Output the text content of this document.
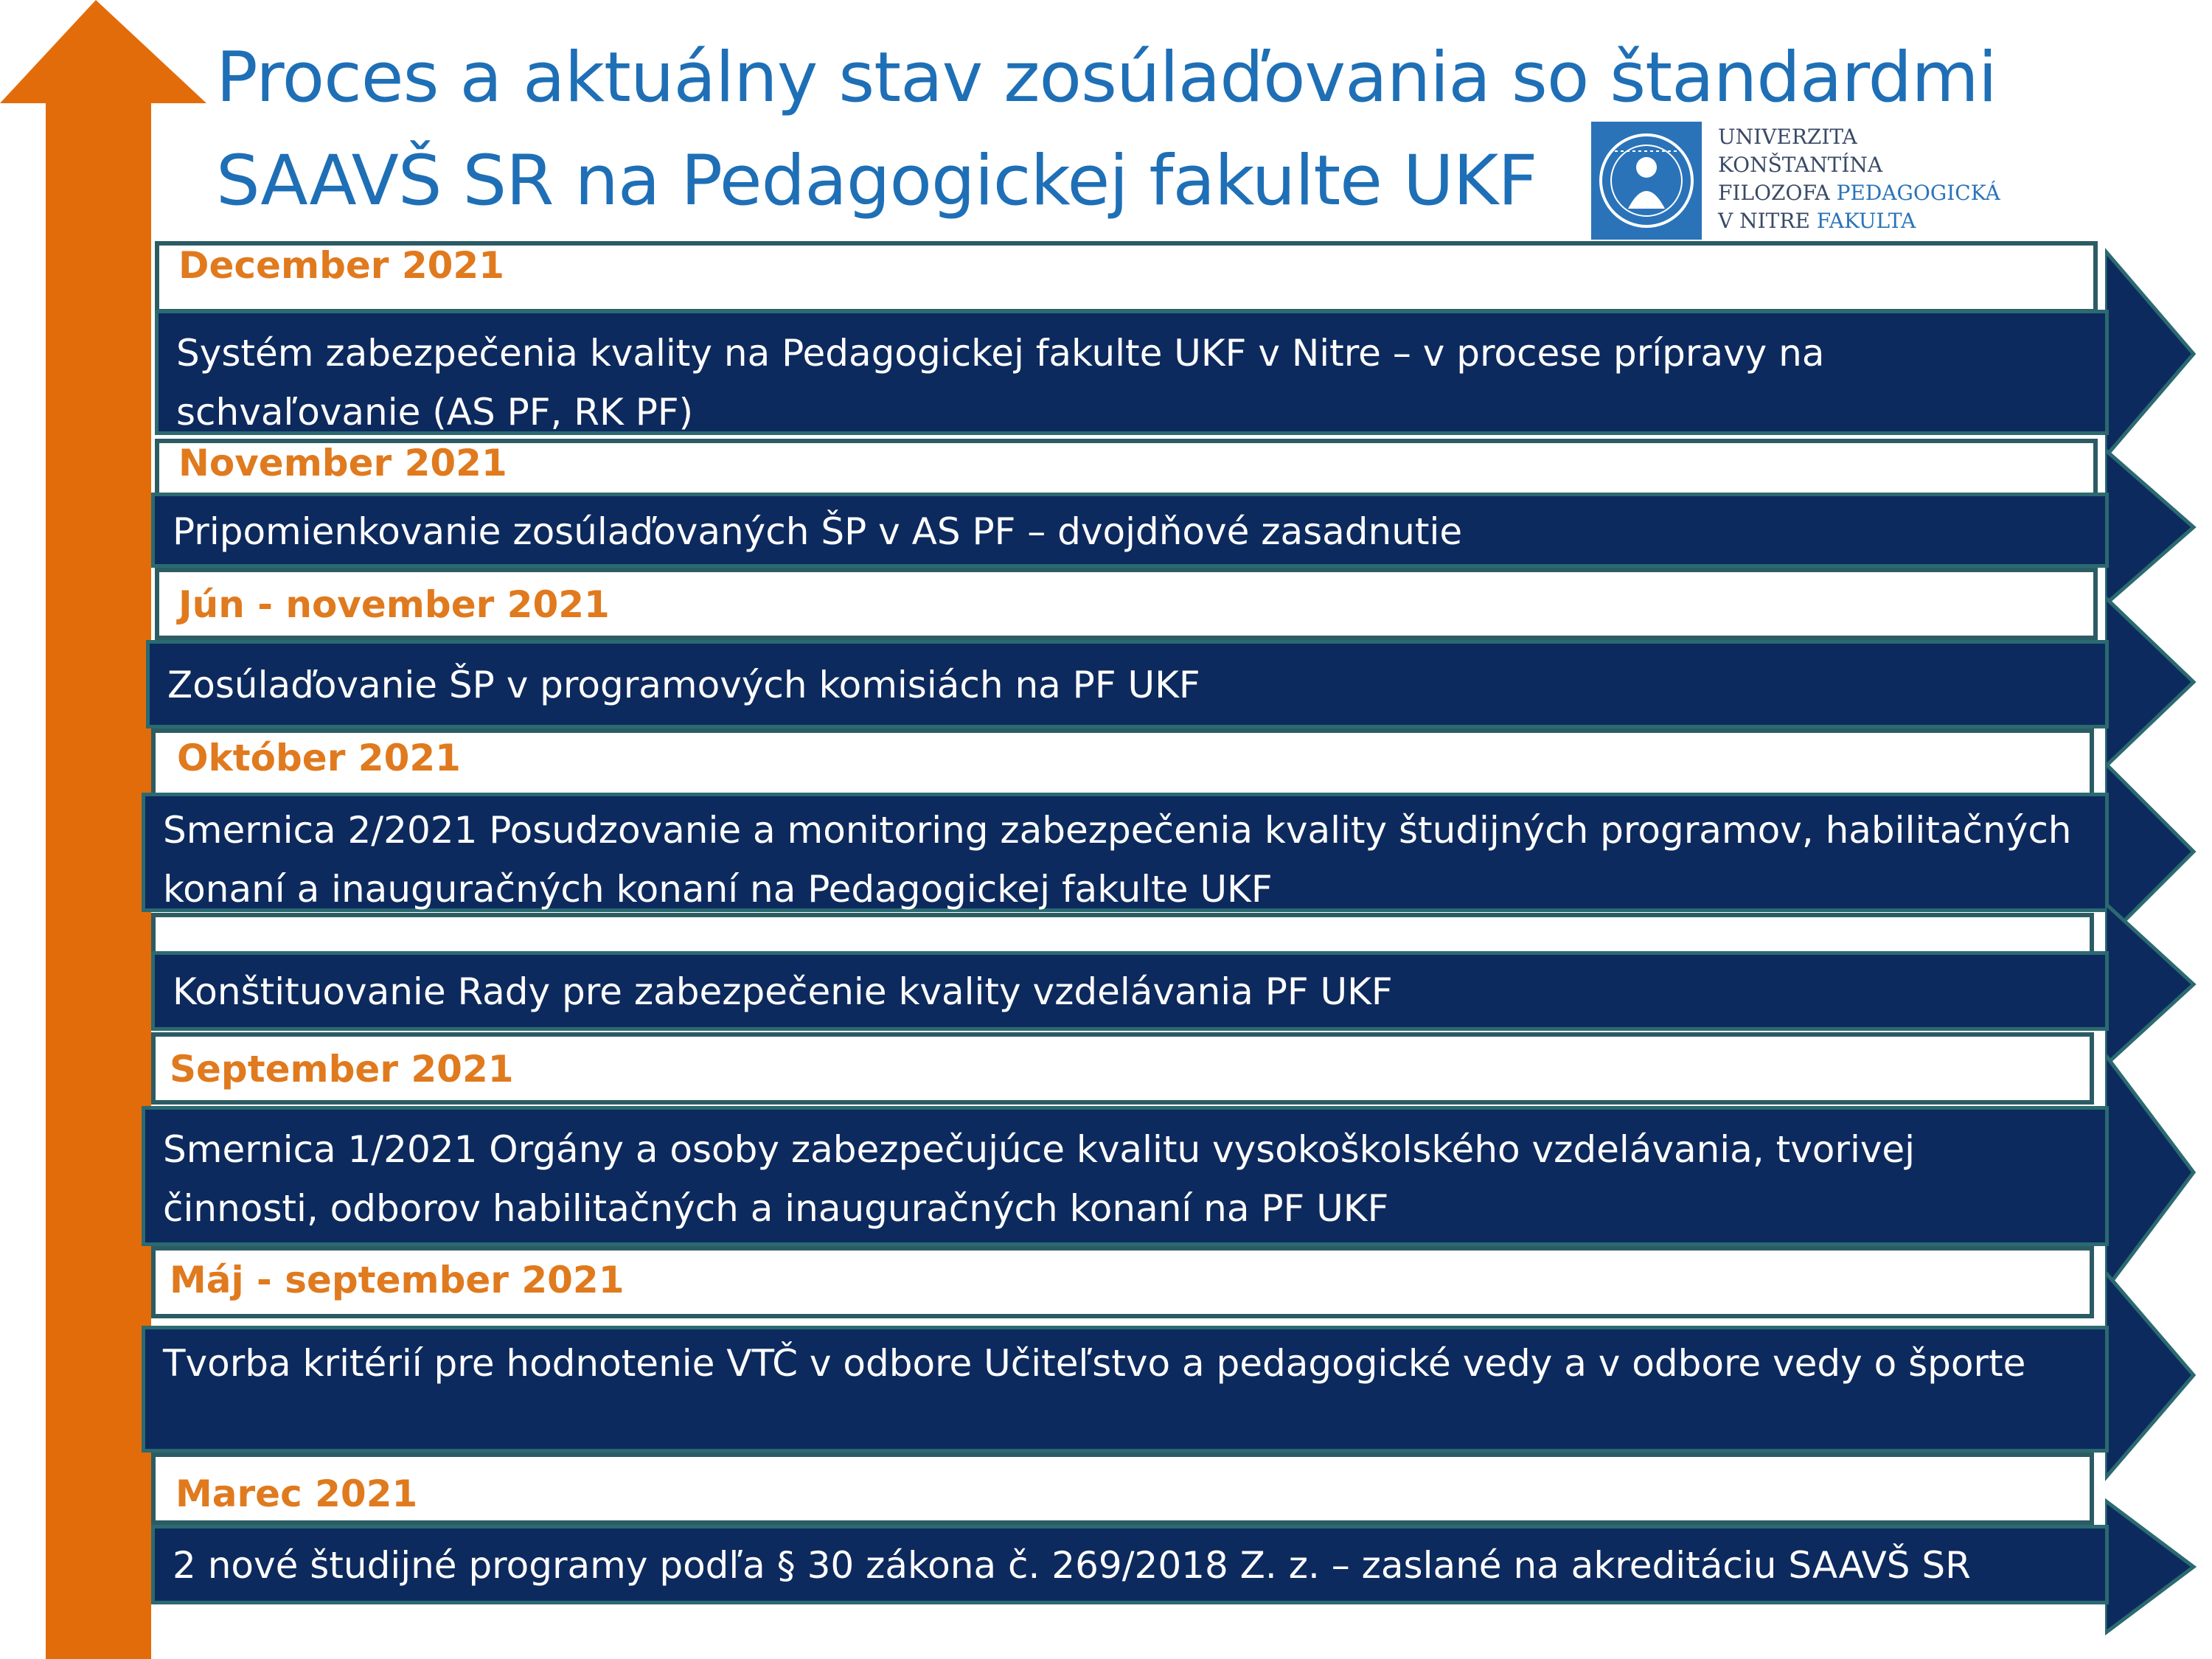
Proces a aktuálny stav zosúlaďovania so štandardmi
SAAVŠ SR na Pedagogickej fakulte UKF
UNIVERZITA
KONŠTANTÍNA
FILOZOFA PEDAGOGICKÁ
V NITRE FAKULTA

December 2021

Systém zabezpečenia kvality na Pedagogickej fakulte UKF v Nitre – v procese prípravy na schvaľovanie (AS PF, RK PF)

November 2021

Pripomienkovanie zosúlaďovaných ŠP v AS PF – dvojdňové zasadnutie

Jún - november 2021

Zosúlaďovanie ŠP v programových komisiách na PF UKF

Október 2021

Smernica 2/2021 Posudzovanie a monitoring zabezpečenia kvality študijných programov, habilitačných konaní a inauguračných konaní na Pedagogickej fakulte UKF

Konštituovanie Rady pre zabezpečenie kvality vzdelávania PF UKF

September 2021

Smernica 1/2021 Orgány a osoby zabezpečujúce kvalitu vysokoškolského vzdelávania, tvorivej činnosti, odborov habilitačných a inauguračných konaní na PF UKF

Máj - september 2021

Tvorba kritérií pre hodnotenie VTČ v odbore Učiteľstvo a pedagogické vedy a v odbore vedy o športe

Marec 2021

2 nové študijné programy podľa § 30 zákona č. 269/2018 Z. z. – zaslané na akreditáciu SAAVŠ SR
